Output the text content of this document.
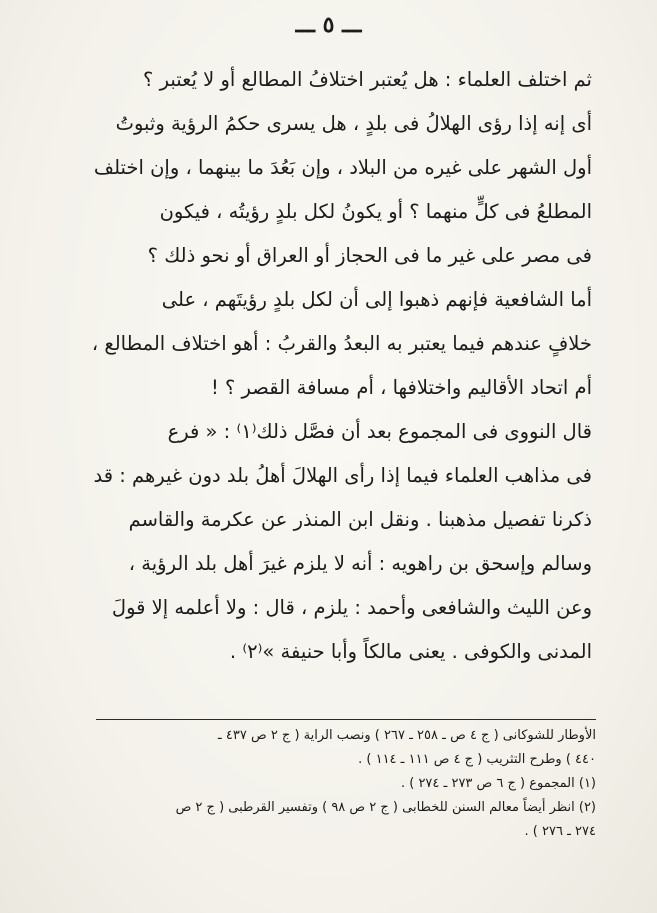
ـــ ٥ ـــ
ثم اختلف العلماء : هل يُعتبر اختلافُ المطالع أو لا يُعتبر ؟
أى إنه إذا رؤى الهلالُ فى بلدٍ ، هل يسرى حكمُ الرؤية وثبوتُ
أول الشهر على غيره من البلاد ، وإن بَعُدَ ما بينهما ، وإن اختلف
المطلعُ فى كلٍّ منهما ؟ أو يكونُ لكل بلدٍ رؤيتُه ، فيكون
فى مصر على غير ما فى الحجاز أو العراق أو نحو ذلك ؟
أما الشافعية فإنهم ذهبوا إلى أن لكل بلدٍ رؤيتَهم ، على
خلافٍ عندهم فيما يعتبر به البعدُ والقربُ : أهو اختلاف المطالع ،
أم اتحاد الأقاليم واختلافها ، أم مسافة القصر ؟ !
قال النووى فى المجموع بعد أن فصَّل ذلك⁽١⁾ : « فرع
فى مذاهب العلماء فيما إذا رأى الهلالَ أهلُ بلد دون غيرهم : قد
ذكرنا تفصيل مذهبنا . ونقل ابن المنذر عن عكرمة والقاسم
وسالم وإسحق بن راهويه : أنه لا يلزم غيرَ أهل بلد الرؤية ،
وعن الليث والشافعى وأحمد : يلزم ، قال : ولا أعلمه إلا قولَ
المدنى والكوفى . يعنى مالكاً وأبا حنيفة »⁽٢⁾ .
الأوطار للشوكانى ( ج ٤ ص ـ ٢٥٨ ـ ٢٦٧ ) ونصب الراية ( ج ٢ ص ٤٣٧ ـ
٤٤٠ ) وطرح التثريب ( ج ٤ ص ١١١ ـ ١١٤ ) .
(١) المجموع ( ج ٦ ص ٢٧٣ ـ ٢٧٤ ) .
(٢) انظر أيضاً معالم السنن للخطابى ( ج ٢ ص ٩٨ ) وتفسير القرطبى ( ج ٢ ص
٢٧٤ ـ ٢٧٦ ) .
